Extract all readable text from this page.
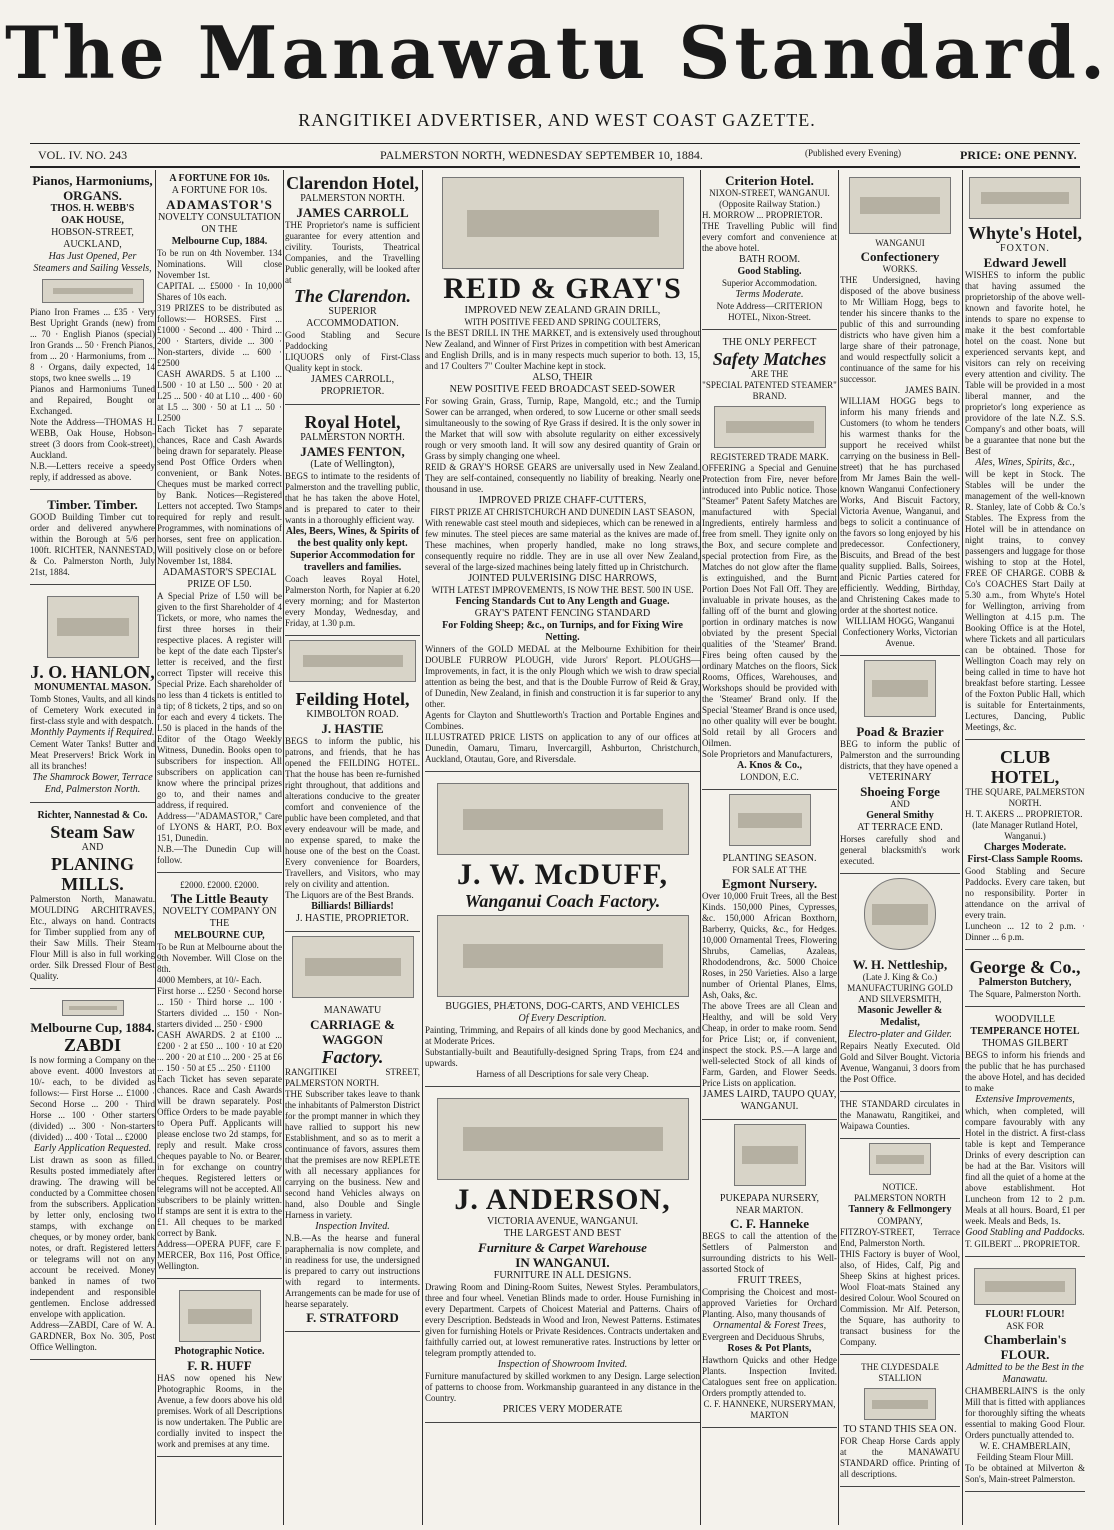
The Manawatu Standard.
RANGITIKEI ADVERTISER, AND WEST COAST GAZETTE.
VOL. IV. NO. 243	PALMERSTON NORTH, WEDNESDAY SEPTEMBER 10, 1884.	(Published every Evening)	PRICE: ONE PENNY.
Pianos, Harmoniums, ORGANS.
THOS. H. WEBB'S
OAK HOUSE,
HOBSON-STREET, AUCKLAND,
Has Just Opened, Per Steamers and Sailing Vessels,
Piano Iron Frames ... £35 · Very Best Upright Grands (new) from ... 70 · English Pianos (special) Iron Grands ... 50 · French Pianos, from ... 20 · Harmoniums, from ... 8 · Organs, daily expected, 14 stops, two knee swells ... 19
Pianos and Harmoniums Tuned and Repaired, Bought or Exchanged.
Note the Address—THOMAS H. WEBB, Oak House, Hobson-street (3 doors from Cook-street), Auckland.
N.B.—Letters receive a speedy reply, if addressed as above.
Timber. Timber.
GOOD Building Timber cut to order and delivered anywhere within the Borough at 5/6 per 100ft. RICHTER, NANNESTAD, & Co. Palmerston North, July 21st, 1884.
J. O. HANLON,
MONUMENTAL MASON.
Tomb Stones, Vaults, and all kinds of Cemetery Work executed in first-class style and with despatch.
Monthly Payments if Required.
Cement Water Tanks! Butter and Meat Preservers! Brick Work in all its branches!
The Shamrock Bower, Terrace End, Palmerston North.
Richter, Nannestad & Co.
Steam Saw
AND
PLANING MILLS.
Palmerston North, Manawatu. MOULDING ARCHITRAVES, Etc., always on hand. Contracts for Timber supplied from any of their Saw Mills. Their Steam Flour Mill is also in full working order. Silk Dressed Flour of Best Quality.
Melbourne Cup, 1884.
ZABDI
Is now forming a Company on the above event. 4000 Investors at 10/- each, to be divided as follows:— First Horse ... £1000 · Second Horse ... 200 · Third Horse ... 100 · Other starters (divided) ... 300 · Non-starters (divided) ... 400 · Total ... £2000
Early Application Requested.
List drawn as soon as filled. Results posted immediately after drawing. The drawing will be conducted by a Committee chosen from the subscribers. Application by letter only, enclosing two stamps, with exchange on cheques, or by money order, bank notes, or draft. Registered letters or telegrams will not on any account be received. Money banked in names of two independent and responsible gentlemen. Enclose addressed envelope with application.
Address—ZABDI, Care of W. A. GARDNER, Box No. 305, Post Office Wellington.
A FORTUNE FOR 10s.
A FORTUNE FOR 10s.
ADAMASTOR'S
NOVELTY CONSULTATION ON THE
Melbourne Cup, 1884.
To be run on 4th November. 134 Nominations. Will close November 1st.
CAPITAL ... £5000 · In 10,000 Shares of 10s each.
319 PRIZES to be distributed as follows:— HORSES. First ... £1000 · Second ... 400 · Third ... 200 · Starters, divide ... 300 · Non-starters, divide ... 600 · £2500
CASH AWARDS. 5 at L100 ... L500 · 10 at L50 ... 500 · 20 at L25 ... 500 · 40 at L10 ... 400 · 60 at L5 ... 300 · 50 at L1 ... 50 · L2500
Each Ticket has 7 separate chances, Race and Cash Awards being drawn for separately. Please send Post Office Orders when convenient, or Bank Notes. Cheques must be marked correct by Bank. Notices—Registered Letters not accepted. Two Stamps required for reply and result. Programmes, with nominations of horses, sent free on application. Will positively close on or before November 1st, 1884.
ADAMASTOR'S SPECIAL PRIZE OF L50.
A Special Prize of L50 will be given to the first Shareholder of 4 Tickets, or more, who names the first three horses in their respective places. A register will be kept of the date each Tipster's letter is received, and the first correct Tipster will receive this Special Prize. Each shareholder of no less than 4 tickets is entitled to a tip; of 8 tickets, 2 tips, and so on for each and every 4 tickets. The L50 is placed in the hands of the Editor of the Otago Weekly Witness, Dunedin. Books open to subscribers for inspection. All subscribers on application can know where the principal prizes go to, and their names and address, if required.
Address—"ADAMASTOR," Care of LYONS & HART, P.O. Box 151, Dunedin.
N.B.—The Dunedin Cup will follow.
£2000. £2000. £2000.
The Little Beauty
NOVELTY COMPANY ON THE
MELBOURNE CUP,
To be Run at Melbourne about the 9th November. Will Close on the 8th.
4000 Members, at 10/- Each.
First horse ... £250 · Second horse ... 150 · Third horse ... 100 · Starters divided ... 150 · Non-starters divided ... 250 · £900
CASH AWARDS. 2 at £100 ... £200 · 2 at £50 ... 100 · 10 at £20 ... 200 · 20 at £10 ... 200 · 25 at £6 ... 150 · 50 at £5 ... 250 · £1100
Each Ticket has seven separate chances. Race and Cash Awards will be drawn separately. Post Office Orders to be made payable to Opera Puff. Applicants will please enclose two 2d stamps, for reply and result. Make cross cheques payable to No. or Bearer, in for exchange on country cheques. Registered letters or telegrams will not be accepted. All subscribers to be plainly written. If stamps are sent it is extra to the £1. All cheques to be marked correct by Bank.
Address—OPERA PUFF, care F. MERCER, Box 116, Post Office, Wellington.
Photographic Notice.
F. R. HUFF
HAS now opened his New Photographic Rooms, in the Avenue, a few doors above his old premises. Work of all Descriptions is now undertaken. The Public are cordially invited to inspect the work and premises at any time.
Clarendon Hotel,
PALMERSTON NORTH.
JAMES CARROLL
THE Proprietor's name is sufficient guarantee for every attention and civility. Tourists, Theatrical Companies, and the Travelling Public generally, will be looked after at
The Clarendon.
SUPERIOR ACCOMMODATION.
Good Stabling and Secure Paddocking
LIQUORS only of First-Class Quality kept in stock.
JAMES CARROLL, PROPRIETOR.
Royal Hotel,
PALMERSTON NORTH.
JAMES FENTON,
(Late of Wellington),
BEGS to intimate to the residents of Palmerston and the travelling public, that he has taken the above Hotel, and is prepared to cater to their wants in a thoroughly efficient way.
Ales, Beers, Wines, & Spirits of the best quality only kept.
Superior Accommodation for travellers and families.
Coach leaves Royal Hotel, Palmerston North, for Napier at 6.20 every morning; and for Masterton every Monday, Wednesday, and Friday, at 1.30 p.m.
Feilding Hotel,
KIMBOLTON ROAD.
J. HASTIE
BEGS to inform the public, his patrons, and friends, that he has opened the FEILDING HOTEL. That the house has been re-furnished right throughout, that additions and alterations conducive to the greater comfort and convenience of the public have been completed, and that every endeavour will be made, and no expense spared, to make the house one of the best on the Coast. Every convenience for Boarders, Travellers, and Visitors, who may rely on civility and attention.
The Liquors are of the Best Brands.
Billiards! Billiards!
J. HASTIE, PROPRIETOR.
MANAWATU
CARRIAGE & WAGGON
Factory.
RANGITIKEI STREET, PALMERSTON NORTH.
THE Subscriber takes leave to thank the inhabitants of Palmerston District for the prompt manner in which they have rallied to support his new Establishment, and so as to merit a continuance of favors, assures them that the premises are now REPLETE with all necessary appliances for carrying on the business. New and second hand Vehicles always on hand, also Double and Single Harness in variety.
Inspection Invited.
N.B.—As the hearse and funeral paraphernalia is now complete, and in readiness for use, the undersigned is prepared to carry out instructions with regard to interments. Arrangements can be made for use of hearse separately.
F. STRATFORD
REID & GRAY'S
IMPROVED NEW ZEALAND GRAIN DRILL,
WITH POSITIVE FEED AND SPRING COULTERS,
Is the BEST DRILL IN THE MARKET, and is extensively used throughout New Zealand, and Winner of First Prizes in competition with best American and English Drills, and is in many respects much superior to both. 13, 15, and 17 Coulters 7" Coulter Machine kept in stock.
ALSO, THEIR
NEW POSITIVE FEED BROADCAST SEED-SOWER
For sowing Grain, Grass, Turnip, Rape, Mangold, etc.; and the Turnip Sower can be arranged, when ordered, to sow Lucerne or other small seeds simultaneously to the sowing of Rye Grass if desired. It is the only sower in the Market that will sow with absolute regularity on either excessively rough or very smooth land. It will sow any desired quantity of Grain or Grass by simply changing one wheel.
REID & GRAY'S HORSE GEARS are universally used in New Zealand. They are self-contained, consequently no liability of breaking. Nearly one thousand in use.
IMPROVED PRIZE CHAFF-CUTTERS,
FIRST PRIZE AT CHRISTCHURCH AND DUNEDIN LAST SEASON,
With renewable cast steel mouth and sidepieces, which can be renewed in a few minutes. The steel pieces are same material as the knives are made of. These machines, when properly handled, make no long straws, consequently require no riddle. They are in use all over New Zealand, several of the large-sized machines being lately fitted up in Christchurch.
JOINTED PULVERISING DISC HARROWS,
WITH LATEST IMPROVEMENTS, IS NOW THE BEST. 500 IN USE.
Fencing Standards Cut to Any Length and Guage.
GRAY'S PATENT FENCING STANDARD
For Folding Sheep; &c., on Turnips, and for Fixing Wire Netting.
Winners of the GOLD MEDAL at the Melbourne Exhibition for their DOUBLE FURROW PLOUGH, vide Jurors' Report. PLOUGHS—Improvements, in fact, it is the only Plough which we wish to draw special attention as being the best, and that is the Double Furrow of Reid & Gray, of Dunedin, New Zealand, in finish and construction it is far superior to any other.
Agents for Clayton and Shuttleworth's Traction and Portable Engines and Combines.
ILLUSTRATED PRICE LISTS on application to any of our offices at Dunedin, Oamaru, Timaru, Invercargill, Ashburton, Christchurch, Auckland, Otautau, Gore, and Riversdale.
J. W. McDUFF,
Wanganui Coach Factory.
BUGGIES, PHÆTONS, DOG-CARTS, AND VEHICLES
Of Every Description.
Painting, Trimming, and Repairs of all kinds done by good Mechanics, and at Moderate Prices.
Substantially-built and Beautifully-designed Spring Traps, from £24 and upwards.
Harness of all Descriptions for sale very Cheap.
J. ANDERSON,
VICTORIA AVENUE, WANGANUI.
THE LARGEST AND BEST
Furniture & Carpet Warehouse
IN WANGANUI.
FURNITURE IN ALL DESIGNS.
Drawing Room and Dining-Room Suites, Newest Styles. Perambulators, three and four wheel. Venetian Blinds made to order. House Furnishing in every Department. Carpets of Choicest Material and Patterns. Chairs of every Description. Bedsteads in Wood and Iron, Newest Patterns. Estimates given for furnishing Hotels or Private Residences. Contracts undertaken and faithfully carried out, at lowest remunerative rates. Instructions by letter or telegram promptly attended to.
Inspection of Showroom Invited.
Furniture manufactured by skilled workmen to any Design. Large selection of patterns to choose from. Workmanship guaranteed in any distance in the Country.
PRICES VERY MODERATE
Criterion Hotel.
NIXON-STREET, WANGANUI. (Opposite Railway Station.)
H. MORROW ... PROPRIETOR.
THE Travelling Public will find every comfort and convenience at the above hotel.
BATH ROOM.
Good Stabling.
Superior Accommodation.
Terms Moderate.
Note Address—CRITERION HOTEL, Nixon-Street.
THE ONLY PERFECT
Safety Matches
ARE THE
"SPECIAL PATENTED STEAMER" BRAND.
REGISTERED TRADE MARK.
OFFERING a Special and Genuine Protection from Fire, never before introduced into Public notice. Those "Steamer" Patent Safety Matches are manufactured with Special Ingredients, entirely harmless and free from smell. They ignite only on the Box, and secure complete and special protection from Fire, as the Matches do not glow after the flame is extinguished, and the Burnt Portion Does Not Fall Off. They are invaluable in private houses, as the falling off of the burnt and glowing portion in ordinary matches is now obviated by the present Special qualities of the 'Steamer' Brand. Fires being often caused by the ordinary Matches on the floors, Sick Rooms, Offices, Warehouses, and Workshops should be provided with the 'Steamer' Brand only. If the Special 'Steamer' Brand is once used, no other quality will ever be bought. Sold retail by all Grocers and Oilmen.
Sole Proprietors and Manufacturers,
A. Knos & Co.,
LONDON, E.C.
PLANTING SEASON.
FOR SALE AT THE
Egmont Nursery.
Over 10,000 Fruit Trees, all the Best Kinds. 150,000 Pines, Cypresses, &c. 150,000 African Boxthorn, Barberry, Quicks, &c., for Hedges. 10,000 Ornamental Trees, Flowering Shrubs, Camelias, Azaleas, Rhododendrons, &c. 5000 Choice Roses, in 250 Varieties. Also a large number of Oriental Planes, Elms, Ash, Oaks, &c.
The above Trees are all Clean and Healthy, and will be sold Very Cheap, in order to make room. Send for Price List; or, if convenient, inspect the stock. P.S.—A large and well-selected Stock of all kinds of Farm, Garden, and Flower Seeds. Price Lists on application.
JAMES LAIRD, TAUPO QUAY, WANGANUI.
PUKEPAPA NURSERY,
NEAR MARTON.
C. F. Hanneke
BEGS to call the attention of the Settlers of Palmerston and surrounding districts to his Well-assorted Stock of
FRUIT TREES,
Comprising the Choicest and most-approved Varieties for Orchard Planting. Also, many thousands of
Ornamental & Forest Trees,
Evergreen and Deciduous Shrubs,
Roses & Pot Plants,
Hawthorn Quicks and other Hedge Plants. Inspection Invited. Catalogues sent free on application. Orders promptly attended to.
C. F. HANNEKE, NURSERYMAN, MARTON
WANGANUI
Confectionery
WORKS.
THE Undersigned, having disposed of the above business to Mr William Hogg, begs to tender his sincere thanks to the public of this and surrounding districts who have given him a large share of their patronage, and would respectfully solicit a continuance of the same for his successor.
JAMES BAIN.
WILLIAM HOGG begs to inform his many friends and Customers (to whom he tenders his warmest thanks for the support he received whilst carrying on the business in Bell-street) that he has purchased from Mr James Bain the well-known Wanganui Confectionery Works, And Biscuit Factory, Victoria Avenue, Wanganui, and begs to solicit a continuance of the favors so long enjoyed by his predecessor. Confectionery, Biscuits, and Bread of the best quality supplied. Balls, Soirees, and Picnic Parties catered for efficiently. Wedding, Birthday, and Christening Cakes made to order at the shortest notice.
WILLIAM HOGG, Wanganui Confectionery Works, Victorian Avenue.
Poad & Brazier
BEG to inform the public of Palmerston and the surrounding districts, that they have opened a
VETERINARY
Shoeing Forge
AND
General Smithy
AT TERRACE END.
Horses carefully shod and general blacksmith's work executed.
W. H. Nettleship,
(Late J. King & Co.)
MANUFACTURING GOLD AND SILVERSMITH,
Masonic Jeweller & Medalist,
Electro-plater and Gilder.
Repairs Neatly Executed. Old Gold and Silver Bought. Victoria Avenue, Wanganui, 3 doors from the Post Office.
THE STANDARD circulates in the Manawatu, Rangitikei, and Waipawa Counties.
NOTICE.
PALMERSTON NORTH
Tannery & Fellmongery
COMPANY,
FITZROY-STREET, Terrace End, Palmerston North.
THIS Factory is buyer of Wool, also, of Hides, Calf, Pig and Sheep Skins at highest prices. Wool Float-mats Stained any desired Colour. Wool Scoured on Commission. Mr Alf. Peterson, the Square, has authority to transact business for the Company.
THE CLYDESDALE STALLION
TO STAND THIS SEA ON.
FOR Cheap Horse Cards apply at the MANAWATU STANDARD office. Printing of all descriptions.
Whyte's Hotel,
FOXTON.
Edward Jewell
WISHES to inform the public that having assumed the proprietorship of the above well-known and favorite hotel, he intends to spare no expense to make it the best comfortable hotel on the coast. None but experienced servants kept, and visitors can rely on receiving every attention and civility. The Table will be provided in a most liberal manner, and the proprietor's long experience as providore of the late N.Z. S.S. Company's and other boats, will be a guarantee that none but the Best of
Ales, Wines, Spirits, &c.,
will be kept in Stock. The Stables will be under the management of the well-known R. Stanley, late of Cobb & Co.'s Stables. The Express from the Hotel will be in attendance on night trains, to convey passengers and luggage for those wishing to stop at the Hotel, FREE OF CHARGE. COBB & Co's COACHES Start Daily at 5.30 a.m., from Whyte's Hotel for Wellington, arriving from Wellington at 4.15 p.m. The Booking Office is at the Hotel, where Tickets and all particulars can be obtained. Those for Wellington Coach may rely on being called in time to have hot breakfast before starting. Lessee of the Foxton Public Hall, which is suitable for Entertainments, Lectures, Dancing, Public Meetings, &c.
CLUB HOTEL,
THE SQUARE, PALMERSTON NORTH.
H. T. AKERS ... PROPRIETOR.
(late Manager Rutland Hotel, Wanganui.)
Charges Moderate.
First-Class Sample Rooms.
Good Stabling and Secure Paddocks. Every care taken, but no responsibility. Porter in attendance on the arrival of every train.
Luncheon ... 12 to 2 p.m. · Dinner ... 6 p.m.
George & Co.,
Palmerston Butchery,
The Square, Palmerston North.
WOODVILLE
TEMPERANCE HOTEL
THOMAS GILBERT
BEGS to inform his friends and the public that he has purchased the above Hotel, and has decided to make
Extensive Improvements,
which, when completed, will compare favourably with any Hotel in the district. A first-class table is kept and Temperance Drinks of every description can be had at the Bar. Visitors will find all the quiet of a home at the above establishment. Hot Luncheon from 12 to 2 p.m. Meals at all hours. Board, £1 per week. Meals and Beds, 1s.
Good Stabling and Paddocks.
T. GILBERT ... PROPRIETOR.
FLOUR! FLOUR!
ASK FOR
Chamberlain's FLOUR.
Admitted to be the Best in the Manawatu.
CHAMBERLAIN'S is the only Mill that is fitted with appliances for thoroughly sifting the wheats essential to making Good Flour. Orders punctually attended to.
W. E. CHAMBERLAIN, Feilding Steam Flour Mill.
To be obtained at Milverton & Son's, Main-street Palmerston.
